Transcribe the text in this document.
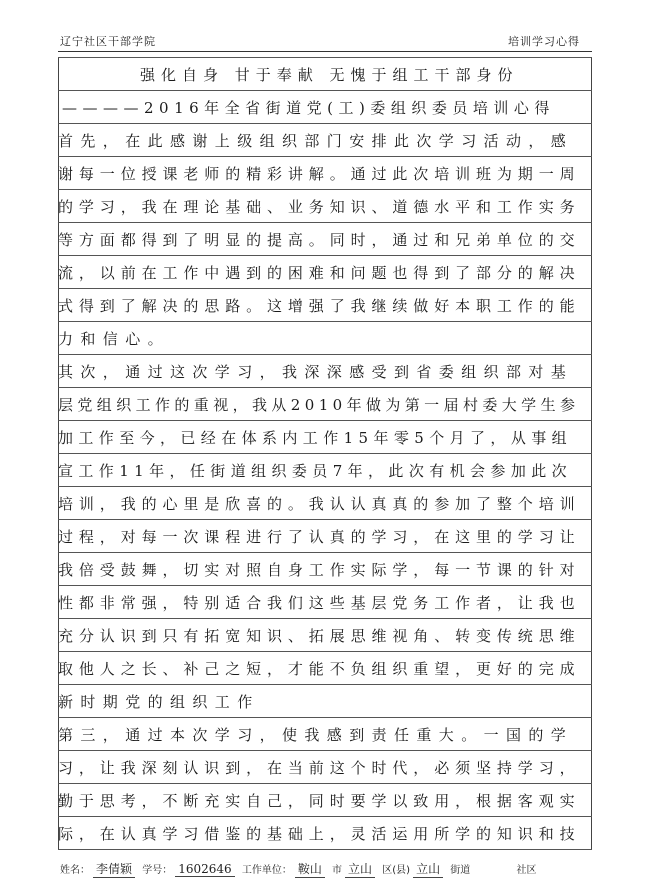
辽宁社区干部学院	培训学习心得
强化自身 甘于奉献 无愧于组工干部身份
————2016年全省街道党(工)委组织委员培训心得
首先，在此感谢上级组织部门安排此次学习活动，感
谢每一位授课老师的精彩讲解。通过此次培训班为期一周
的学习，我在理论基础、业务知识、道德水平和工作实务
等方面都得到了明显的提高。同时，通过和兄弟单位的交
流，以前在工作中遇到的困难和问题也得到了部分的解决
式得到了解决的思路。这增强了我继续做好本职工作的能
力和信心。
其次，通过这次学习，我深深感受到省委组织部对基
层党组织工作的重视，我从2010年做为第一届村委大学生参
加工作至今，已经在体系内工作15年零5个月了，从事组
宣工作11年，任街道组织委员7年，此次有机会参加此次
培训，我的心里是欣喜的。我认认真真的参加了整个培训
过程，对每一次课程进行了认真的学习，在这里的学习让
我倍受鼓舞，切实对照自身工作实际学，每一节课的针对
性都非常强，特别适合我们这些基层党务工作者，让我也
充分认识到只有拓宽知识、拓展思维视角、转变传统思维
取他人之长、补己之短，才能不负组织重望，更好的完成
新时期党的组织工作
第三，通过本次学习，使我感到责任重大。一国的学
习，让我深刻认识到，在当前这个时代，必须坚持学习，
勤于思考，不断充实自己，同时要学以致用，根据客观实
际，在认真学习借鉴的基础上，灵活运用所学的知识和技
姓名： 李倩颖 学号： 1602646 工作单位： 鞍山 市 立山 区(县) 立山 街道	社区
